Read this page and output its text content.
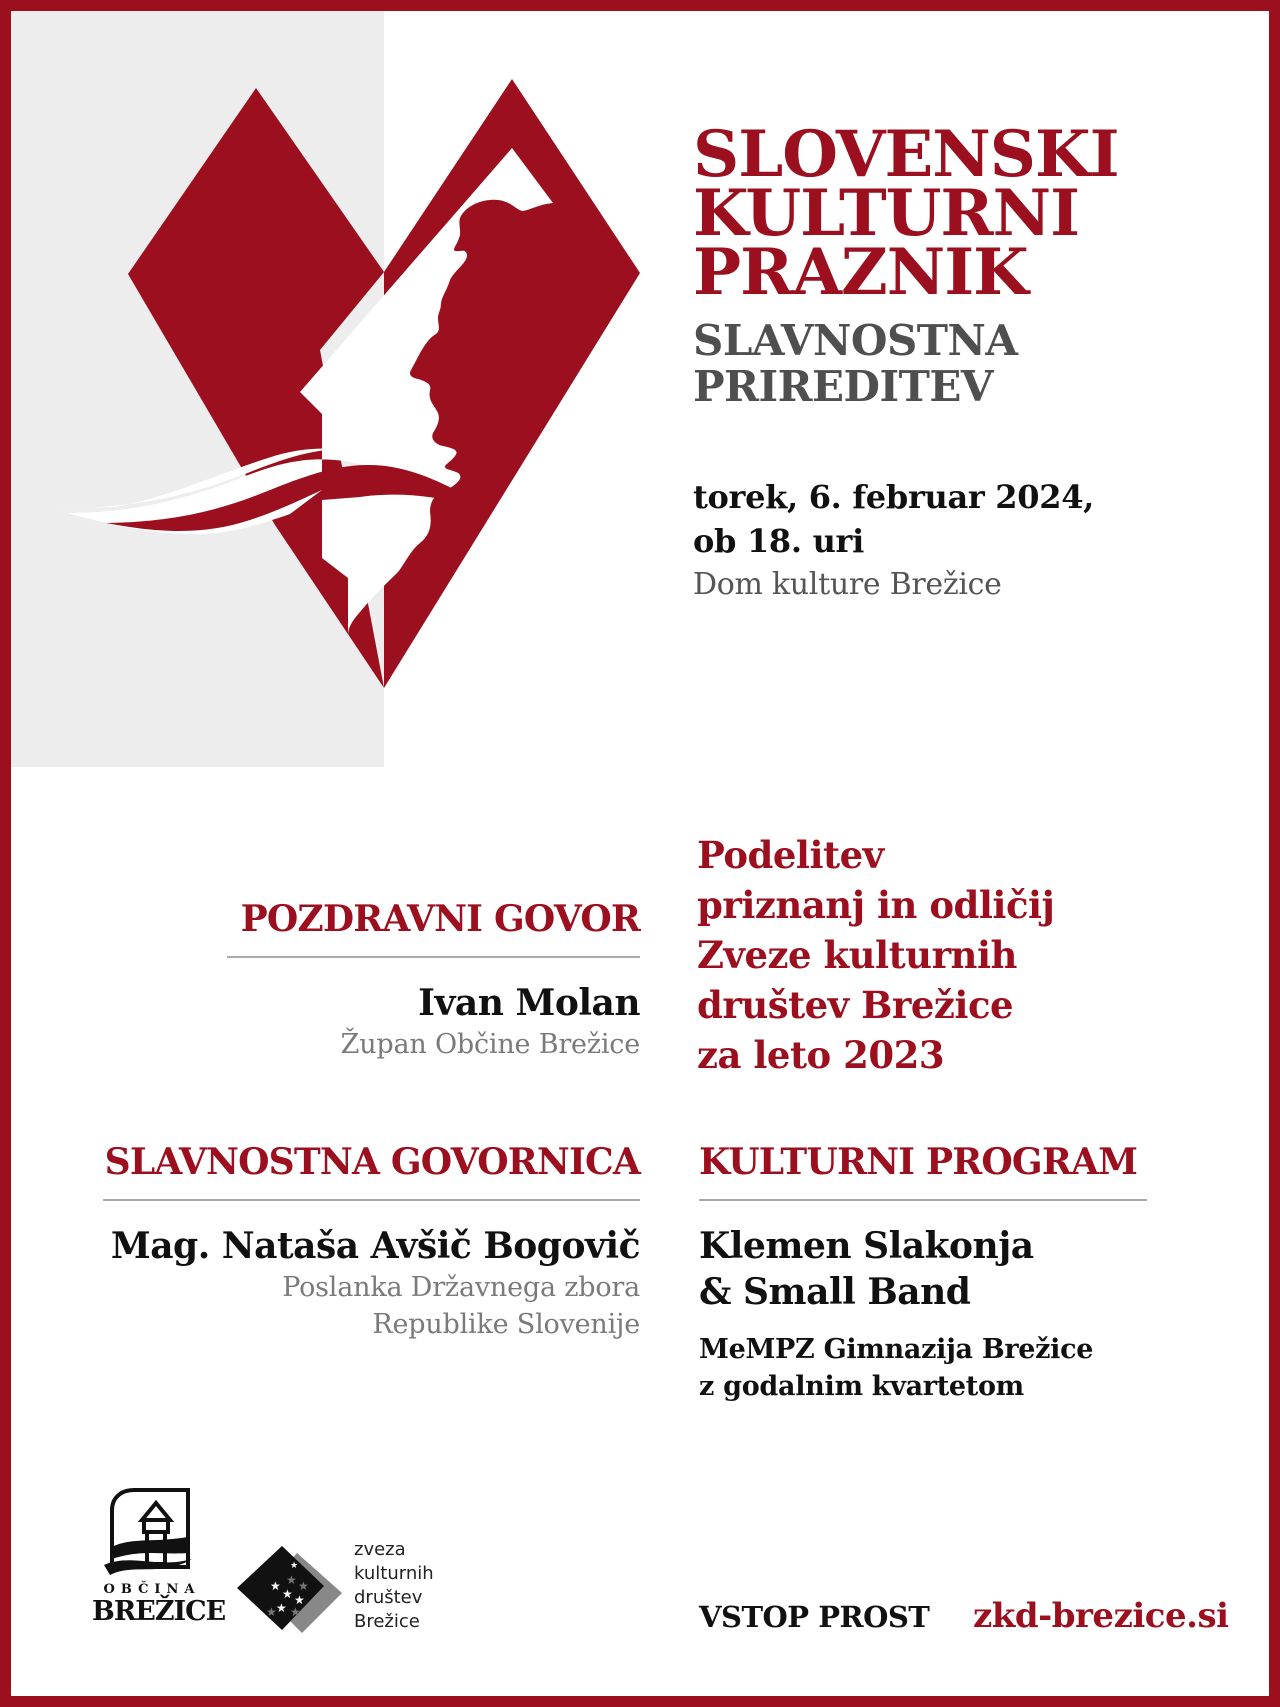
SLOVENSKI
KULTURNI
PRAZNIK
SLAVNOSTNA
PRIREDITEV
torek, 6. februar 2024,
ob 18. uri
Dom kulture Brežice
POZDRAVNI GOVOR
Ivan Molan
Župan Občine Brežice
Podelitev
priznanj in odličij
Zveze kulturnih
društev Brežice
za leto 2023
SLAVNOSTNA GOVORNICA
Mag. Nataša Avšič Bogovič
Poslanka Državnega zbora
Republike Slovenije
KULTURNI PROGRAM
Klemen Slakonja
& Small Band
MeMPZ Gimnazija Brežice
z godalnim kvartetom
OBČINA
BREŽICE
★
★
★ ★
★
★ ★
★ ★
zveza
kulturnih
društev
Brežice	VSTOP PROST zkd-brezice.si
